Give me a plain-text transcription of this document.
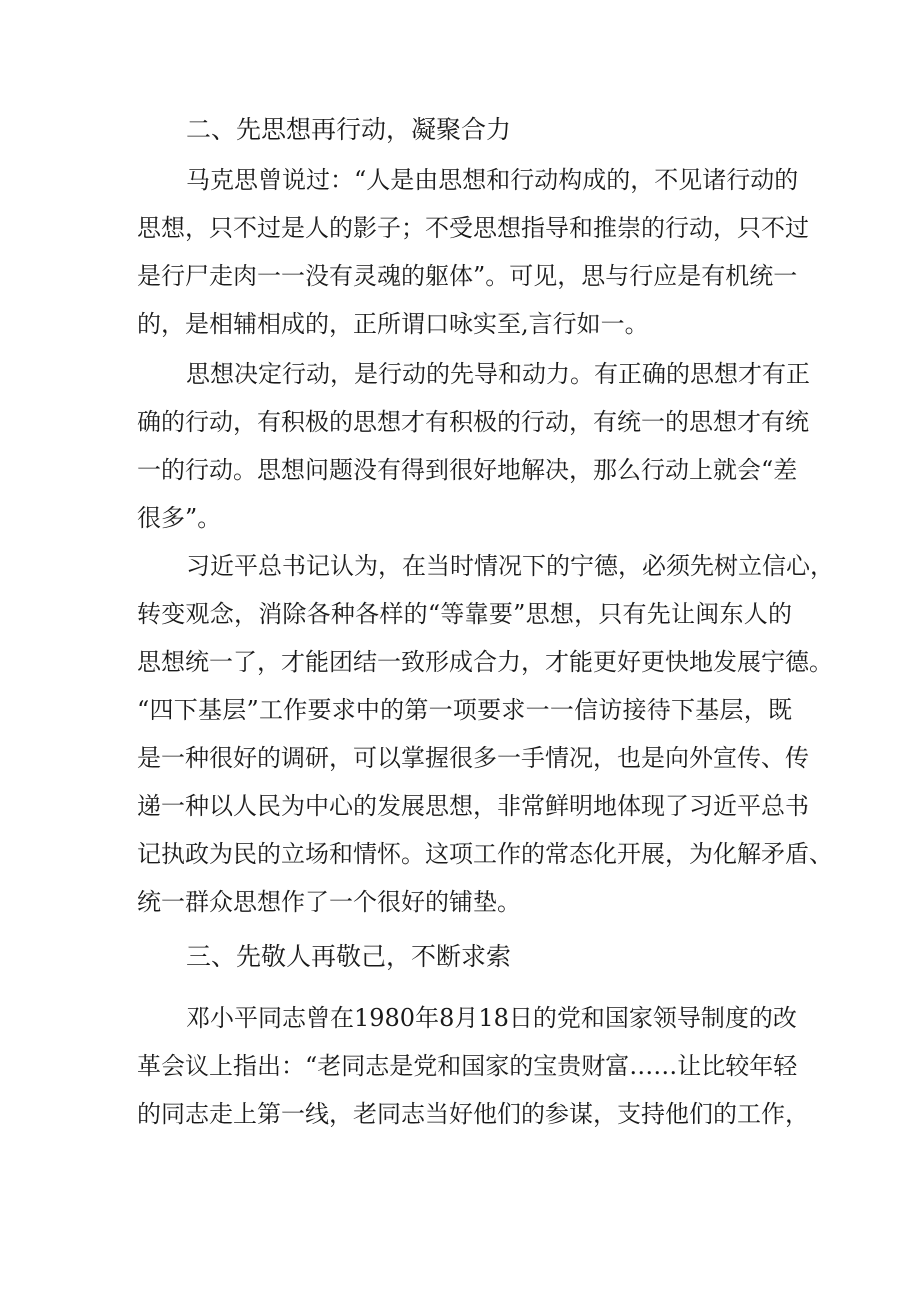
二、先思想再行动，凝聚合力

马克思曾说过：“人是由思想和行动构成的，不见诸行动的

思想，只不过是人的影子；不受思想指导和推崇的行动，只不过

是行尸走肉一一没有灵魂的躯体”。可见，思与行应是有机统一

的，是相辅相成的，正所谓口咏实至,言行如一。

思想决定行动，是行动的先导和动力。有正确的思想才有正

确的行动，有积极的思想才有积极的行动，有统一的思想才有统

一的行动。思想问题没有得到很好地解决，那么行动上就会“差

很多”。

习近平总书记认为，在当时情况下的宁德，必须先树立信心，

转变观念，消除各种各样的“等靠要”思想，只有先让闽东人的

思想统一了，才能团结一致形成合力，才能更好更快地发展宁德。

“四下基层”工作要求中的第一项要求一一信访接待下基层，既

是一种很好的调研，可以掌握很多一手情况，也是向外宣传、传

递一种以人民为中心的发展思想，非常鲜明地体现了习近平总书

记执政为民的立场和情怀。这项工作的常态化开展，为化解矛盾、

统一群众思想作了一个很好的铺垫。

三、先敬人再敬己，不断求索

邓小平同志曾在1980年8月18日的党和国家领导制度的改

革会议上指出：“老同志是党和国家的宝贵财富……让比较年轻

的同志走上第一线，老同志当好他们的参谋，支持他们的工作，
